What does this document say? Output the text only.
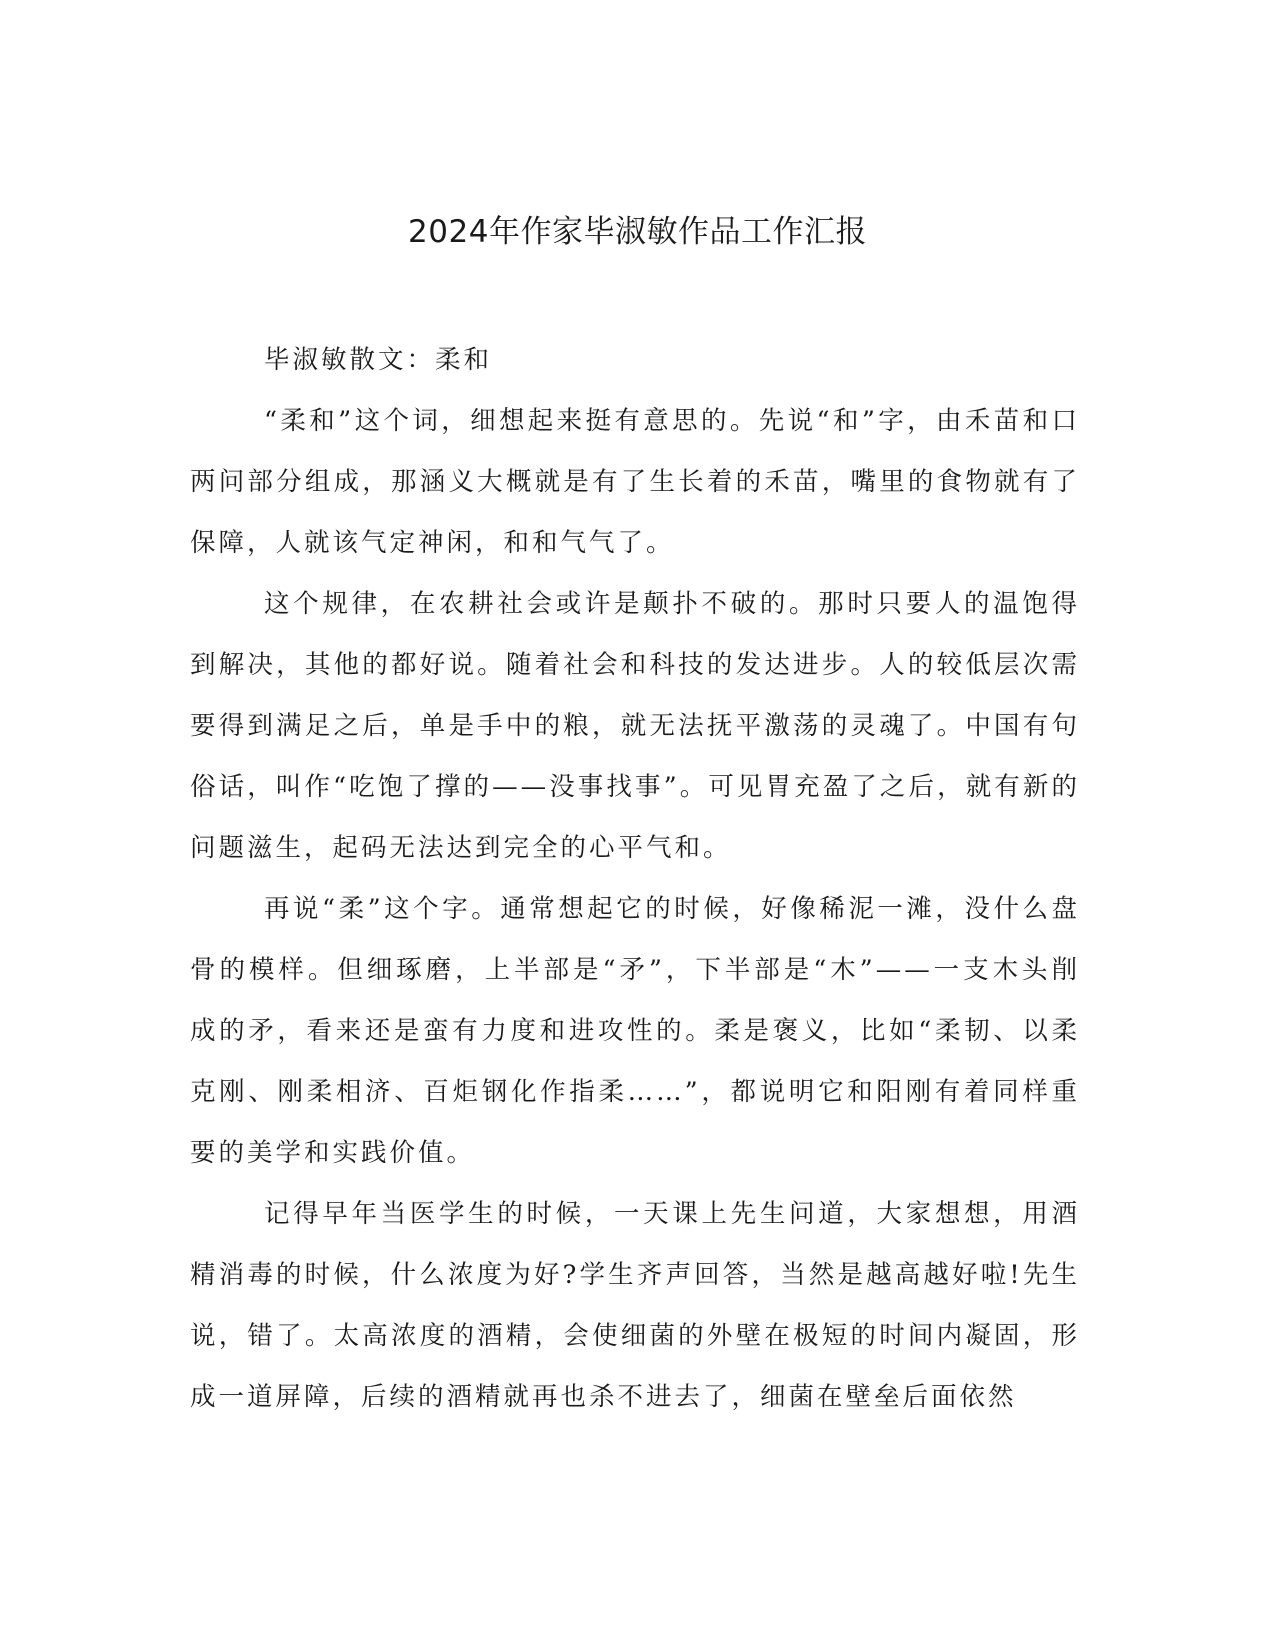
2024年作家毕淑敏作品工作汇报

毕淑敏散文：柔和

“柔和”这个词，细想起来挺有意思的。先说“和”字，由禾苗和口两问部分组成，那涵义大概就是有了生长着的禾苗，嘴里的食物就有了保障，人就该气定神闲，和和气气了。

这个规律，在农耕社会或许是颠扑不破的。那时只要人的温饱得到解决，其他的都好说。随着社会和科技的发达进步。人的较低层次需要得到满足之后，单是手中的粮，就无法抚平激荡的灵魂了。中国有句俗话，叫作“吃饱了撑的——没事找事”。可见胃充盈了之后，就有新的问题滋生，起码无法达到完全的心平气和。

再说“柔”这个字。通常想起它的时候，好像稀泥一滩，没什么盘骨的模样。但细琢磨，上半部是“矛”，下半部是“木”——一支木头削成的矛，看来还是蛮有力度和进攻性的。柔是褒义，比如“柔韧、以柔克刚、刚柔相济、百炬钢化作指柔……”，都说明它和阳刚有着同样重要的美学和实践价值。

记得早年当医学生的时候，一天课上先生问道，大家想想，用酒精消毒的时候，什么浓度为好?学生齐声回答，当然是越高越好啦!先生说，错了。太高浓度的酒精，会使细菌的外壁在极短的时间内凝固，形成一道屏障，后续的酒精就再也杀不进去了，细菌在壁垒后面依然
